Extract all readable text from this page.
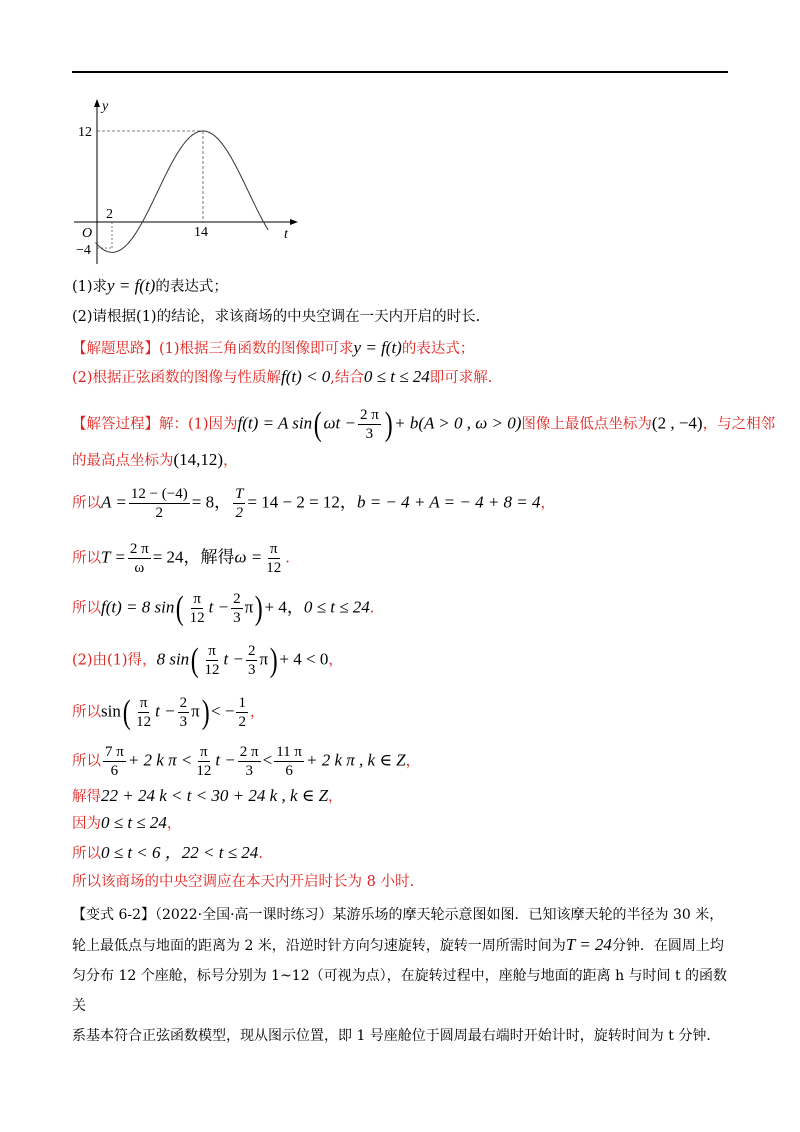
y
t
O
12
2
14
−4
(1)求y = f(t)的表达式；
(2)请根据(1)的结论，求该商场的中央空调在一天内开启的时长.
【解题思路】(1)根据三角函数的图像即可求y = f(t)的表达式；
(2)根据正弦函数的图像与性质解f(t) < 0,结合0 ≤ t ≤ 24即可求解.
【解答过程】解：(1)因为f(t) = A $\sin(\omega t - \frac{2 \pi}{3}$ )+ b(A > 0 , ω > 0)图像上最低点坐标为(2 , −4)，与之相邻
的最高点坐标为(14,12)，
所以$A = \frac{12 - (-4)}{2} = 8$， $\frac{T}{2} = 14 - 2 = 12$，b = − 4 + A = − 4 + 8 = 4，
所以$T = \frac{2 \pi}{\omega} = 24$，解得$\omega = \frac{\pi}{12}$ .
所以f(t) = 8 $\sin( \frac{\pi}{12}$ $t - \frac{2}{3} \pi)+ 4$，0 ≤ t ≤ 24.
(2)由(1)得，8 $\sin( \frac{\pi}{12}$ $t - \frac{2}{3} \pi)+ 4 < 0$，
所以$\sin( \frac{\pi}{12}$ $t - \frac{2}{3} \pi)< - \frac{1}{2}$ ，
所以 $\frac{7 \pi}{6} + 2$ k $\pi < \frac{\pi}{12}$ $t - \frac{2 \pi}{3} < \frac{11 \pi}{6} + 2$ k π , k ∈ Z，
解得22 + 24 k < t < 30 + 24 k , k ∈ Z，
因为0 ≤ t ≤ 24，
所以0 ≤ t < 6 ，22 < t ≤ 24.
所以该商场的中央空调应在本天内开启时长为 8 小时.
【变式 6-2】（2022·全国·高一课时练习）某游乐场的摩天轮示意图如图．已知该摩天轮的半径为 30 米，
轮上最低点与地面的距离为 2 米，沿逆时针方向匀速旋转，旋转一周所需时间为T = 24分钟．在圆周上均
匀分布 12 个座舱，标号分别为 1~12（可视为点），在旋转过程中，座舱与地面的距离 h 与时间 t 的函数关
系基本符合正弦函数模型，现从图示位置，即 1 号座舱位于圆周最右端时开始计时，旋转时间为 t 分钟．
